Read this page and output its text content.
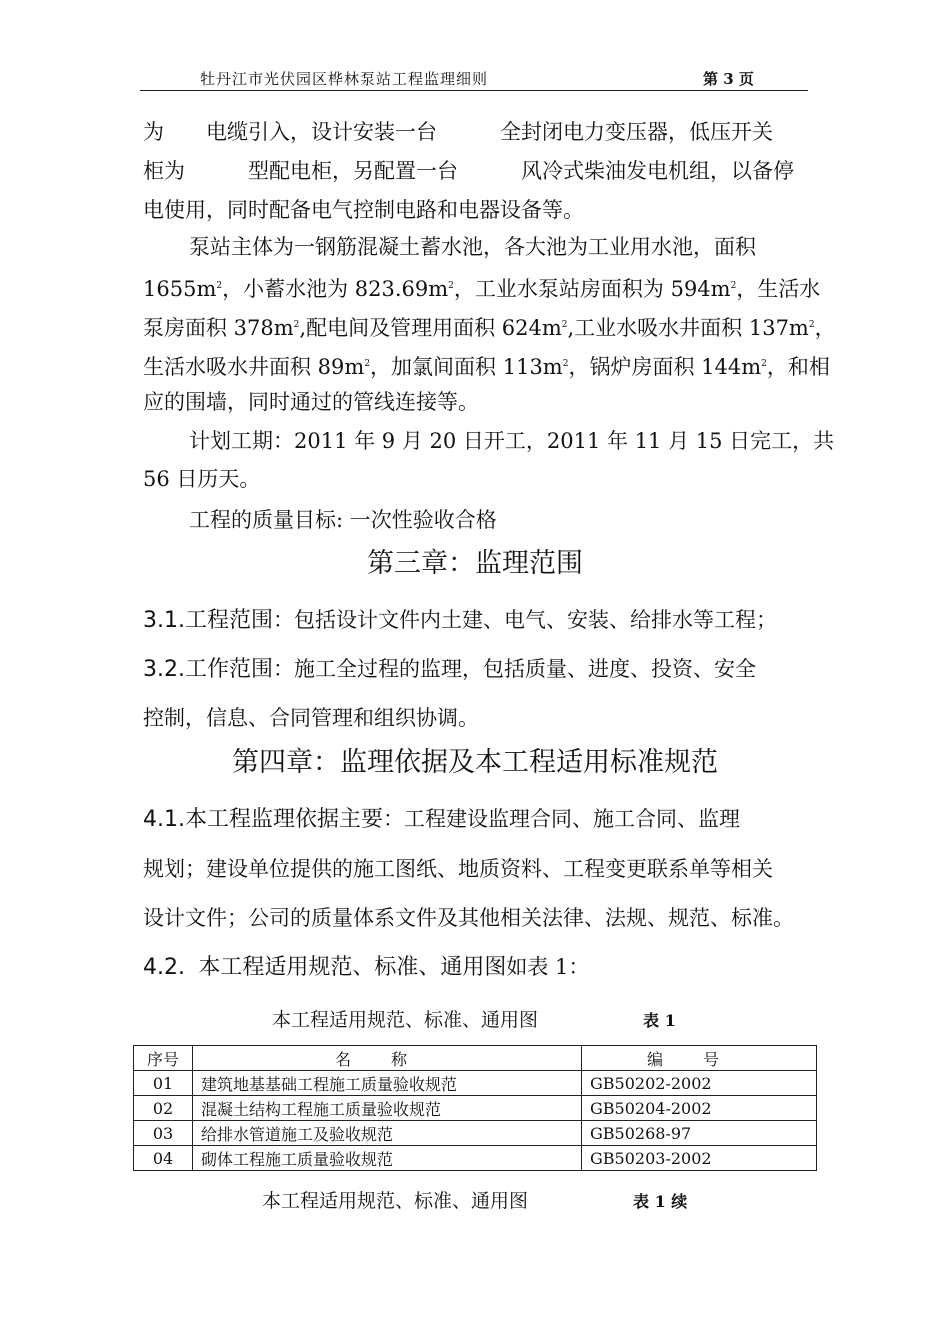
牡丹江市光伏园区桦林泵站工程监理细则	第 3 页
为　　电缆引入，设计安装一台　　　全封闭电力变压器，低压开关
柜为　　　型配电柜，另配置一台　　　风冷式柴油发电机组，以备停
电使用，同时配备电气控制电路和电器设备等。
泵站主体为一钢筋混凝土蓄水池，各大池为工业用水池，面积
$1655m^2$，小蓄水池为 $823.69m^2$，工业水泵站房面积为 $594m^2$，生活水
泵房面积 $378m^2$,配电间及管理用面积 $624m^2$,工业水吸水井面积 $137m^2$，
生活水吸水井面积 $89m^2$，加氯间面积 $113m^2$，锅炉房面积 $144m^2$，和相
应的围墙，同时通过的管线连接等。
计划工期：2011 年 9 月 20 日开工，2011 年 11 月 15 日完工，共
56 日历天。
工程的质量目标: 一次性验收合格
第三章：监理范围
3.1.工程范围：包括设计文件内土建、电气、安装、给排水等工程；
3.2.工作范围：施工全过程的监理，包括质量、进度、投资、安全
控制，信息、合同管理和组织协调。
第四章：监理依据及本工程适用标准规范
4.1.本工程监理依据主要：工程建设监理合同、施工合同、监理
规划；建设单位提供的施工图纸、地质资料、工程变更联系单等相关
设计文件；公司的质量体系文件及其他相关法律、法规、规范、标准。
4.2. 本工程适用规范、标准、通用图如表 1：
本工程适用规范、标准、通用图	表 1
序号	名称	编号
01	建筑地基基础工程施工质量验收规范	GB50202-2002
02	混凝土结构工程施工质量验收规范	GB50204-2002
03	给排水管道施工及验收规范	GB50268-97
04	砌体工程施工质量验收规范	GB50203-2002
本工程适用规范、标准、通用图	表 1 续
